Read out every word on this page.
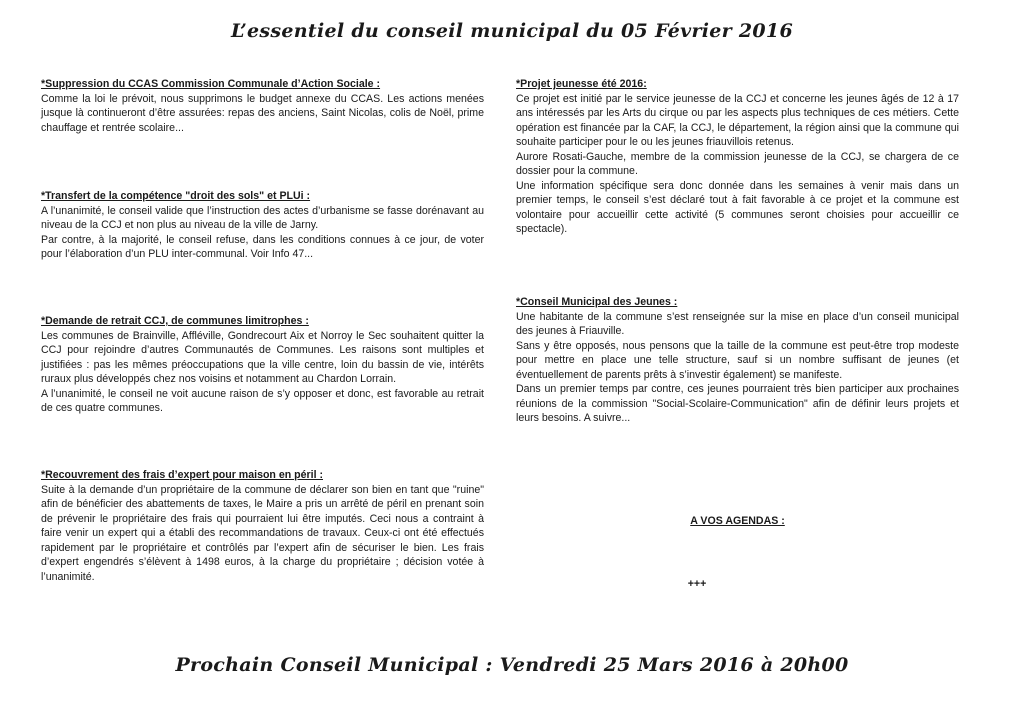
L’essentiel du conseil municipal du 05 Février 2016
*Suppression du CCAS Commission Communale d’Action Sociale :

Comme la loi le prévoit, nous supprimons le budget annexe du CCAS. Les actions menées jusque là continueront d’être assurées: repas des anciens, Saint Nicolas, colis de Noël, prime chauffage et rentrée scolaire...

*Transfert de la compétence "droit des sols" et PLUi :

A l’unanimité, le conseil valide que l’instruction des actes d’urbanisme se fasse dorénavant au niveau de la CCJ et non plus au niveau de la ville de Jarny.

Par contre, à la majorité, le conseil refuse, dans les conditions connues à ce jour, de voter pour l’élaboration d’un PLU inter-communal. Voir Info 47...

*Demande de retrait CCJ, de communes limitrophes :

Les communes de Brainville, Affléville, Gondrecourt Aix et Norroy le Sec souhaitent quitter la CCJ pour rejoindre d’autres Communautés de Communes. Les raisons sont multiples et justifiées : pas les mêmes préoccupations que la ville centre, loin du bassin de vie, intérêts ruraux plus développés chez nos voisins et notamment au Chardon Lorrain.

A l’unanimité, le conseil ne voit aucune raison de s’y opposer et donc, est favorable au retrait de ces quatre communes.

*Recouvrement des frais d’expert pour maison en péril :

Suite à la demande d’un propriétaire de la commune de déclarer son bien en tant que "ruine" afin de bénéficier des abattements de taxes, le Maire a pris un arrêté de péril en prenant soin de prévenir le propriétaire des frais qui pourraient lui être imputés. Ceci nous a contraint à faire venir un expert qui a établi des recommandations de travaux. Ceux-ci ont été effectués rapidement par le propriétaire et contrôlés par l’expert afin de sécuriser le bien. Les frais d’expert engendrés s’élèvent à 1498 euros, à la charge du propriétaire ; décision votée à l’unanimité.

*Projet jeunesse été 2016:

Ce projet est initié par le service jeunesse de la CCJ et concerne les jeunes âgés de 12 à 17 ans intéressés par les Arts du cirque ou par les aspects plus techniques de ces métiers. Cette opération est financée par la CAF, la CCJ, le département, la région ainsi que la commune qui souhaite participer pour le ou les jeunes friauvillois retenus.

Aurore Rosati-Gauche, membre de la commission jeunesse de la CCJ, se chargera de ce dossier pour la commune.

Une information spécifique sera donc donnée dans les semaines à venir mais dans un premier temps, le conseil s’est déclaré tout à fait favorable à ce projet et la commune est volontaire pour accueillir cette activité (5 communes seront choisies pour accueillir ce spectacle).

*Conseil Municipal des Jeunes :

Une habitante de la commune s’est renseignée sur la mise en place d’un conseil municipal des jeunes à Friauville.

Sans y être opposés, nous pensons que la taille de la commune est peut-être trop modeste pour mettre en place une telle structure, sauf si un nombre suffisant de jeunes (et éventuellement de parents prêts à s’investir également) se manifeste.

Dans un premier temps par contre, ces jeunes pourraient très bien participer aux prochaines réunions de la commission "Social-Scolaire-Communication" afin de définir leurs projets et leurs besoins. A suivre...

A VOS AGENDAS :
+++
Prochain Conseil Municipal : Vendredi 25 Mars 2016 à 20h00
